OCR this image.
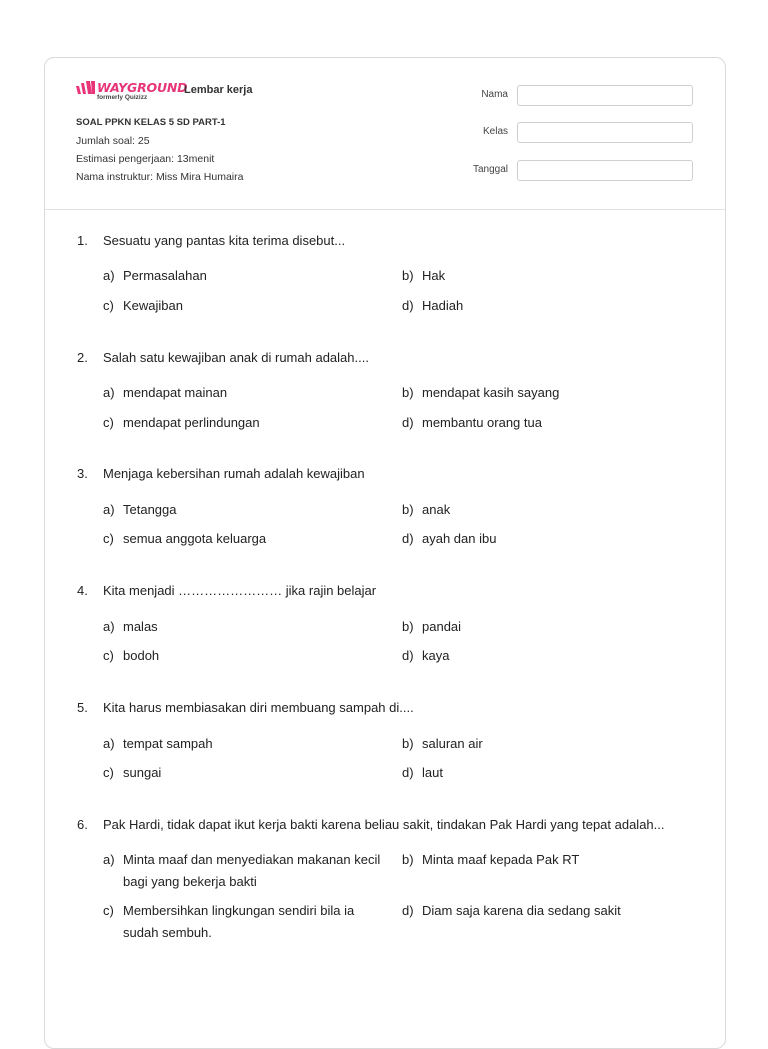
WAYGROUND
formerly Quizizz
Lembar kerja
SOAL PPKN KELAS 5 SD PART-1
Jumlah soal: 25
Estimasi pengerjaan: 13menit
Nama instruktur: Miss Mira Humaira
Nama
Kelas
Tanggal
1. Sesuatu yang pantas kita terima disebut...
a) Permasalahan	b) Hak
c) Kewajiban	d) Hadiah
2. Salah satu kewajiban anak di rumah adalah....
a) mendapat mainan	b) mendapat kasih sayang
c) mendapat perlindungan	d) membantu orang tua
3. Menjaga kebersihan rumah adalah kewajiban
a) Tetangga	b) anak
c) semua anggota keluarga	d) ayah dan ibu
4. Kita menjadi …………………… jika rajin belajar
a) malas	b) pandai
c) bodoh	d) kaya
5. Kita harus membiasakan diri membuang sampah di....
a) tempat sampah	b) saluran air
c) sungai	d) laut
6. Pak Hardi, tidak dapat ikut kerja bakti karena beliau sakit, tindakan Pak Hardi yang tepat adalah...
a) Minta maaf dan menyediakan makanan kecil bagi yang bekerja bakti
b) Minta maaf kepada Pak RT
c) Membersihkan lingkungan sendiri bila ia sudah sembuh.
d) Diam saja karena dia sedang sakit
